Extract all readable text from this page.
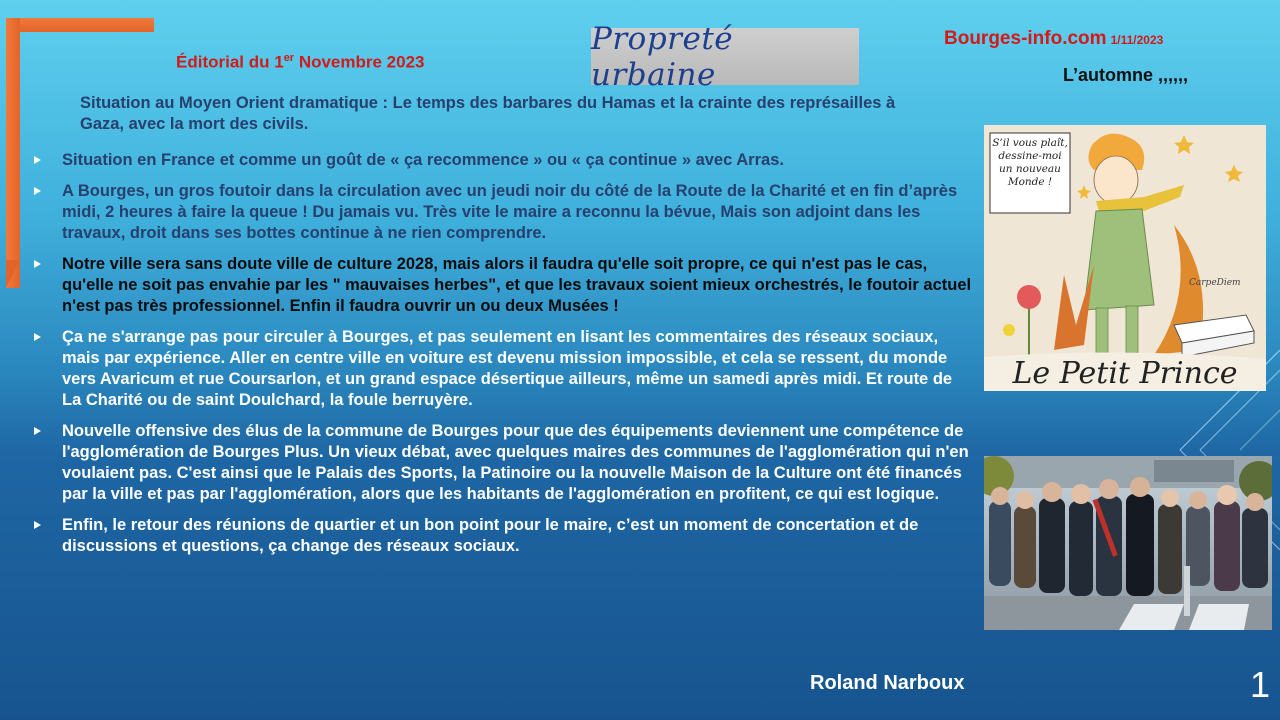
Éditorial du 1er Novembre 2023
Propreté urbaine
Bourges-info.com 1/11/2023
L’automne ,,,,,,
Situation au Moyen Orient dramatique : Le temps des barbares du Hamas et la crainte des représailles à Gaza, avec la mort des civils.
Situation en France et comme un goût de « ça recommence » ou « ça continue » avec Arras.
A Bourges, un gros foutoir dans la circulation avec un jeudi noir du côté de la Route de la Charité et en fin d’après midi, 2 heures à faire la queue ! Du jamais vu. Très vite le maire a reconnu la bévue, Mais son adjoint dans les travaux, droit dans ses bottes continue à ne rien comprendre.
Notre ville sera sans doute ville de culture 2028, mais alors il faudra qu'elle soit propre, ce qui n'est pas le cas, qu'elle ne soit pas envahie par les " mauvaises herbes", et que les travaux soient mieux orchestrés, le foutoir actuel n'est pas très professionnel. Enfin il faudra ouvrir un ou deux Musées !
Ça ne s'arrange pas pour circuler à Bourges, et pas seulement en lisant les commentaires des réseaux sociaux, mais par expérience. Aller en centre ville en voiture est devenu mission impossible, et cela se ressent, du monde vers Avaricum et rue Coursarlon, et un grand espace désertique ailleurs, même un samedi après midi. Et route de La Charité ou de saint Doulchard, la foule berruyère.
Nouvelle offensive des élus de la commune de Bourges pour que des équipements deviennent une compétence de l'agglomération de Bourges Plus. Un vieux débat, avec quelques maires des communes de l'agglomération qui n'en voulaient pas. C'est ainsi que le Palais des Sports, la Patinoire ou la nouvelle Maison de la Culture ont été financés par la ville et pas par l'agglomération, alors que les habitants de l'agglomération en profitent, ce qui est logique.
Enfin, le retour des réunions de quartier et un bon point pour le maire, c’est un moment de concertation et de discussions et questions, ça change des réseaux sociaux.
S’il vous plaît, dessine-moi un nouveau Monde !
CarpeDiem
Le Petit Prince
Roland Narboux	1
